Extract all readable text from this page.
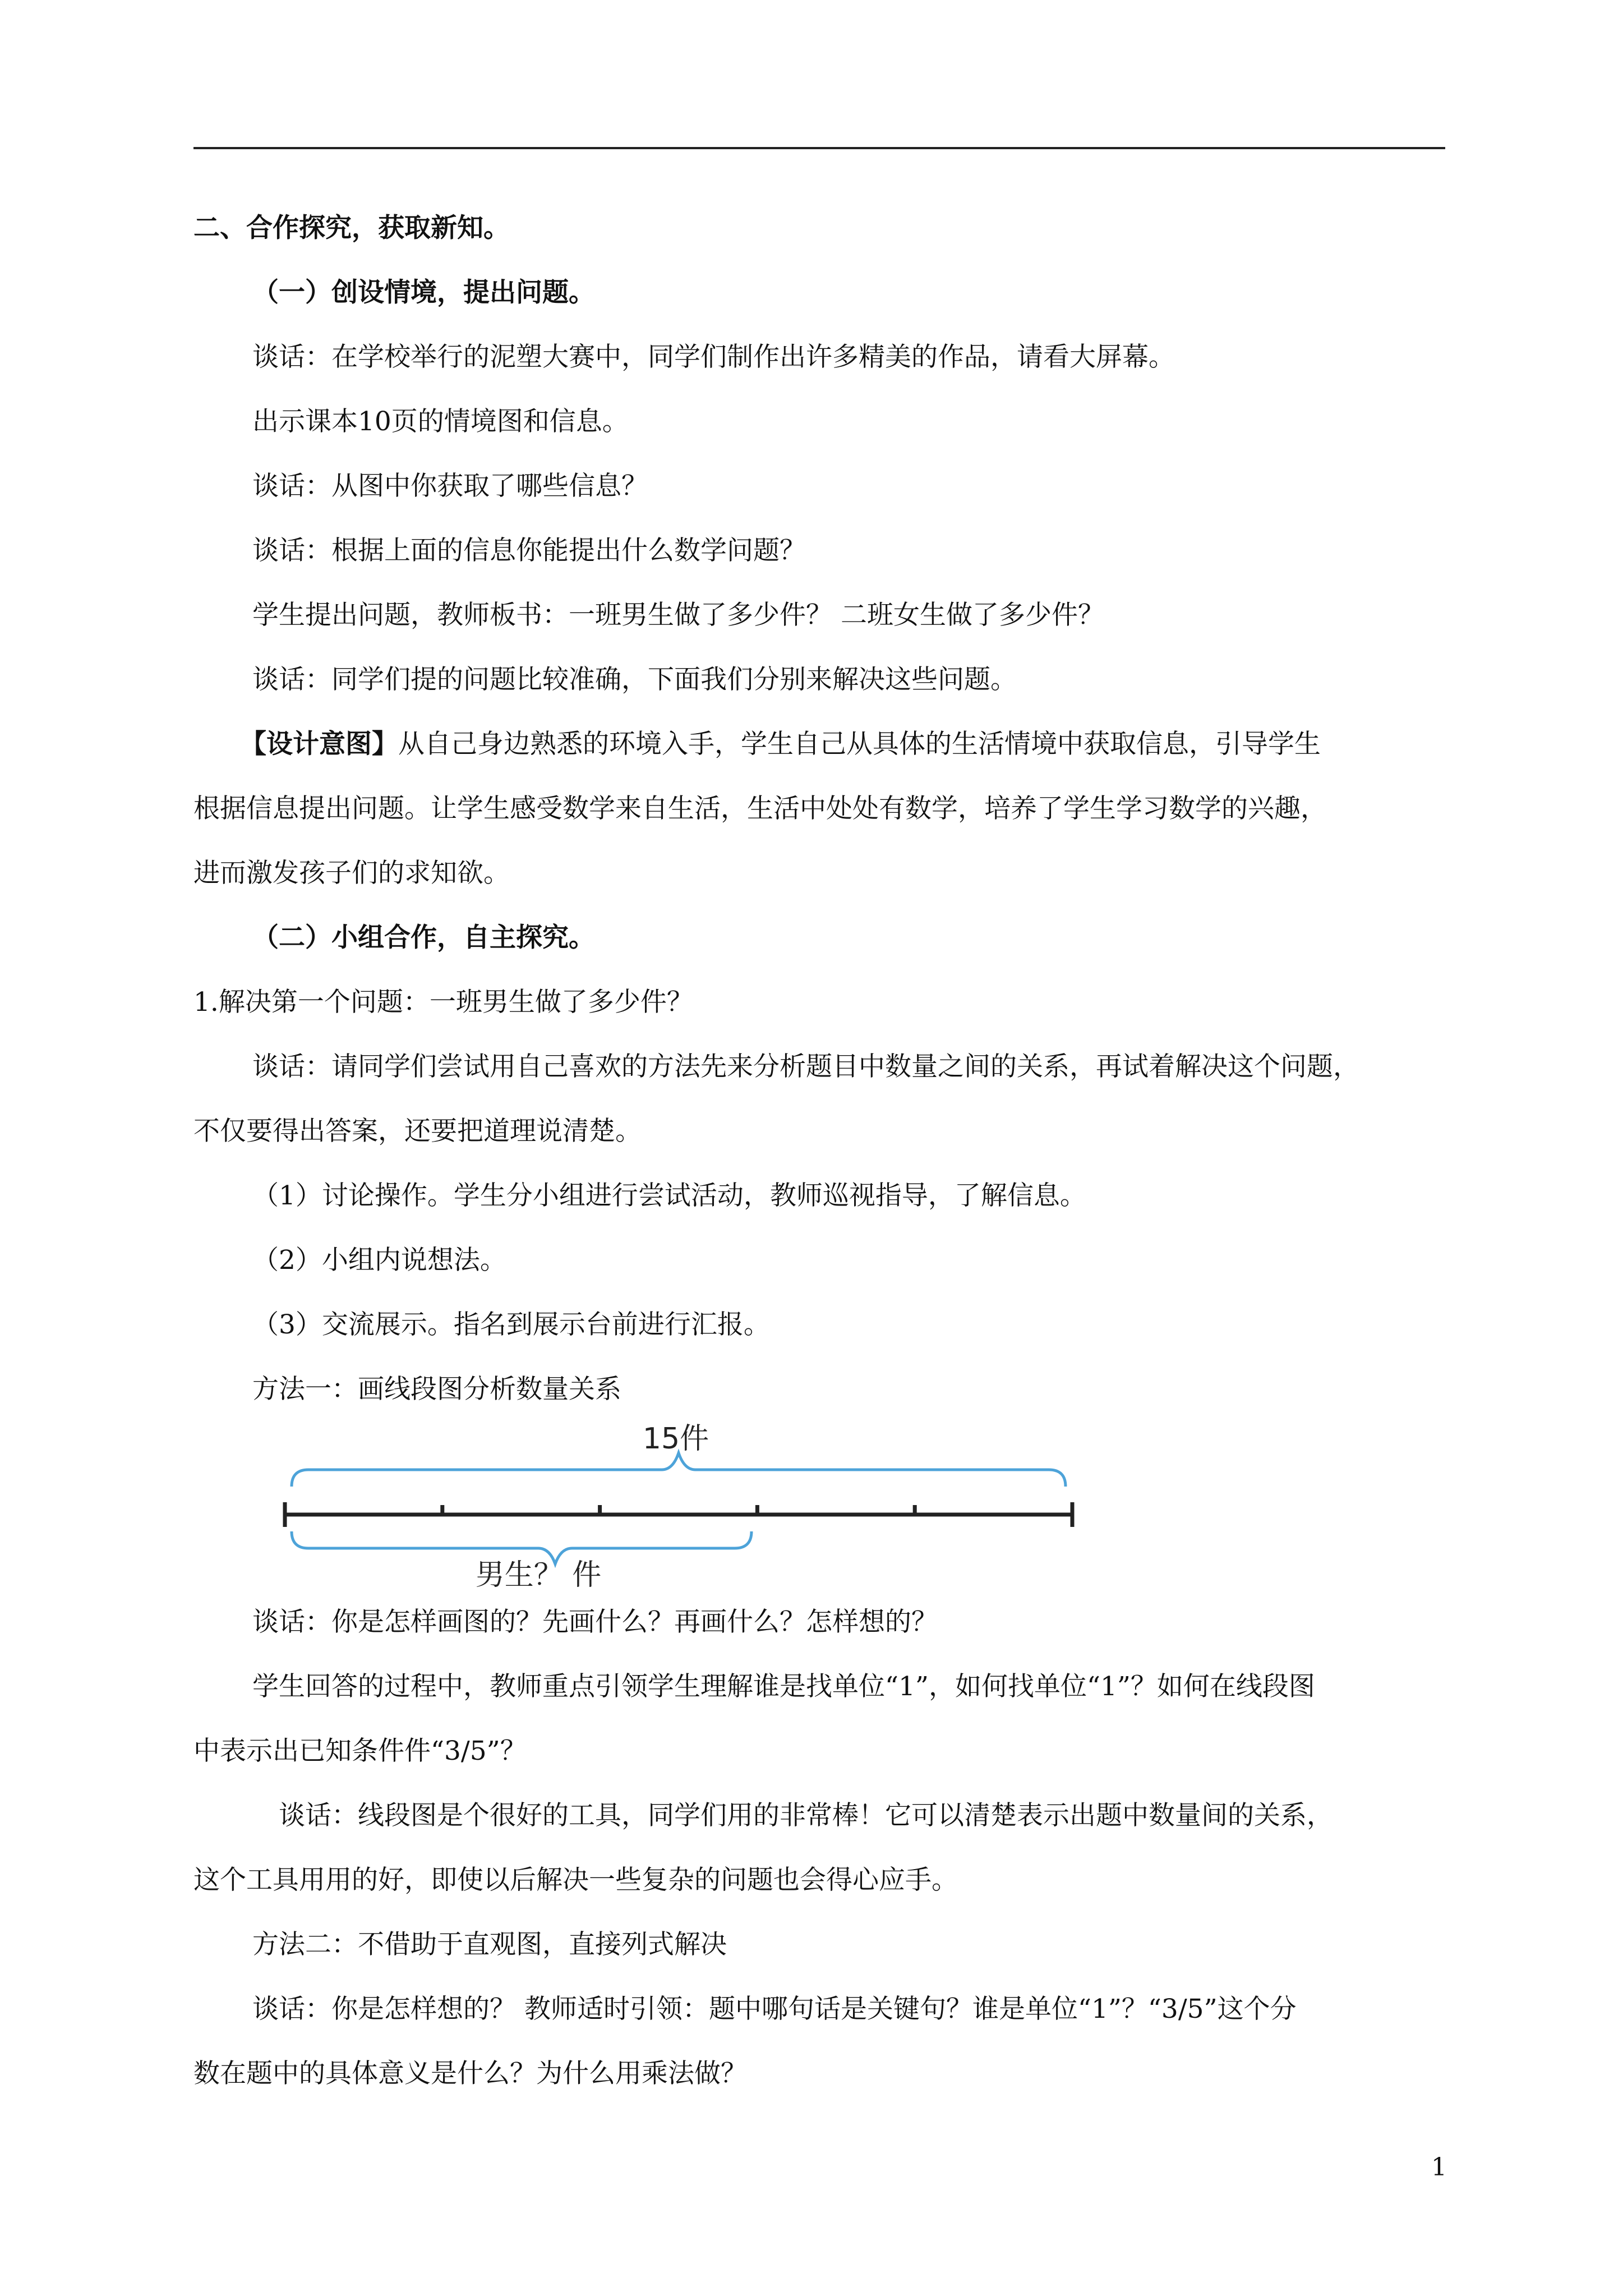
二、合作探究，获取新知。

（一）创设情境，提出问题。

谈话：在学校举行的泥塑大赛中，同学们制作出许多精美的作品，请看大屏幕。

出示课本10页的情境图和信息。

谈话：从图中你获取了哪些信息？

谈话：根据上面的信息你能提出什么数学问题？

学生提出问题，教师板书：一班男生做了多少件？ 二班女生做了多少件？

谈话：同学们提的问题比较准确，下面我们分别来解决这些问题。

【设计意图】从自己身边熟悉的环境入手，学生自己从具体的生活情境中获取信息，引导学生

根据信息提出问题。让学生感受数学来自生活，生活中处处有数学，培养了学生学习数学的兴趣，

进而激发孩子们的求知欲。

（二）小组合作，自主探究。

1.解决第一个问题：一班男生做了多少件？

谈话：请同学们尝试用自己喜欢的方法先来分析题目中数量之间的关系，再试着解决这个问题，

不仅要得出答案，还要把道理说清楚。

（1）讨论操作。学生分小组进行尝试活动，教师巡视指导，了解信息。

（2）小组内说想法。

（3）交流展示。指名到展示台前进行汇报。

方法一：画线段图分析数量关系

15件
男生？ 件

谈话：你是怎样画图的？先画什么？再画什么？怎样想的？

学生回答的过程中，教师重点引领学生理解谁是找单位“1”，如何找单位“1”？如何在线段图

中表示出已知条件件“3/5”？

谈话：线段图是个很好的工具，同学们用的非常棒！它可以清楚表示出题中数量间的关系，

这个工具用用的好，即使以后解决一些复杂的问题也会得心应手。

方法二：不借助于直观图，直接列式解决

谈话：你是怎样想的？ 教师适时引领：题中哪句话是关键句？谁是单位“1”？“3/5”这个分

数在题中的具体意义是什么？为什么用乘法做？

1
